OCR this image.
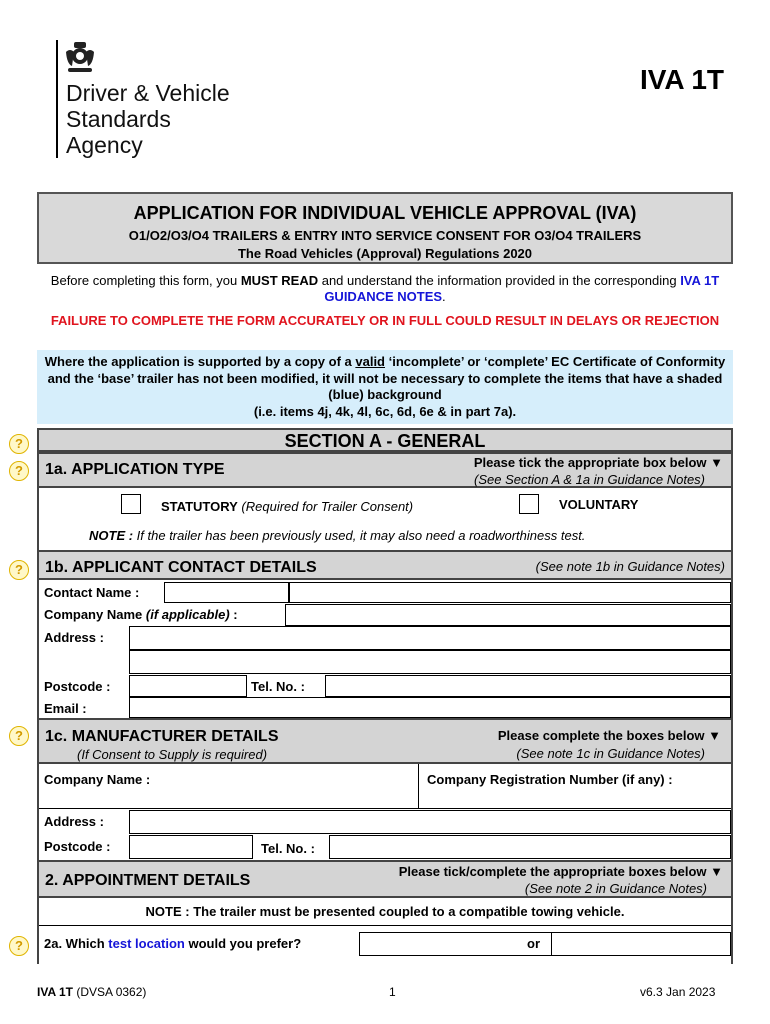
Driver & Vehicle
Standards
Agency
IVA 1T
APPLICATION FOR INDIVIDUAL VEHICLE APPROVAL (IVA)
O1/O2/O3/O4 TRAILERS & ENTRY INTO SERVICE CONSENT FOR O3/O4 TRAILERS
The Road Vehicles (Approval) Regulations 2020
Before completing this form, you MUST READ and understand the information provided in the corresponding IVA 1T GUIDANCE NOTES.
FAILURE TO COMPLETE THE FORM ACCURATELY OR IN FULL COULD RESULT IN DELAYS OR REJECTION
Where the application is supported by a copy of a valid ‘incomplete’ or ‘complete’ EC Certificate of Conformity and the ‘base’ trailer has not been modified, it will not be necessary to complete the items that have a shaded (blue) background
(i.e. items 4j, 4k, 4l, 6c, 6d, 6e & in part 7a).
?
?
?
?
?
SECTION A - GENERAL
1a. APPLICATION TYPE	Please tick the appropriate box below ▼
(See Section A & 1a in Guidance Notes)
STATUTORY (Required for Trailer Consent)	VOLUNTARY
NOTE : If the trailer has been previously used, it may also need a roadworthiness test.
1b. APPLICANT CONTACT DETAILS	(See note 1b in Guidance Notes)
Contact Name :
Company Name (if applicable) :
Address :
Postcode :	Tel. No. :
Email :
1c. MANUFACTURER DETAILS
(If Consent to Supply is required)
Please complete the boxes below ▼
(See note 1c in Guidance Notes)
Company Name :	Company Registration Number (if any) :
Address :
Postcode :	Tel. No. :
2. APPOINTMENT DETAILS
Please tick/complete the appropriate boxes below ▼
(See note 2 in Guidance Notes)
NOTE : The trailer must be presented coupled to a compatible towing vehicle.
2a. Which test location would you prefer?	or
IVA 1T (DVSA 0362)	1	v6.3 Jan 2023
